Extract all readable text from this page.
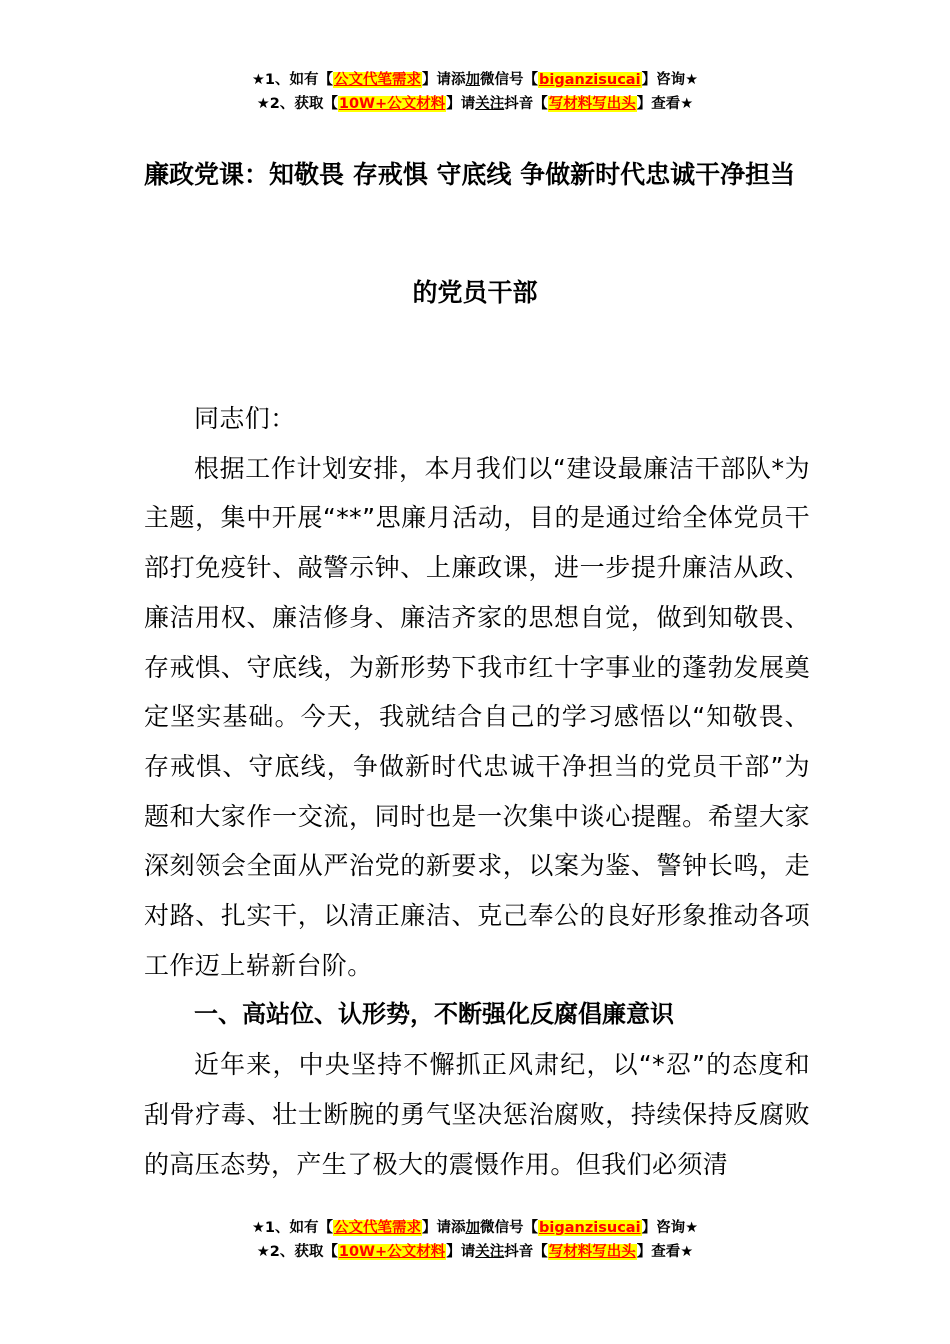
★1、如有【公文代笔需求】请添加微信号【biganzisucai】咨询★
★2、获取【10W+公文材料】请关注抖音【写材料写出头】查看★
廉政党课：知敬畏 存戒惧 守底线 争做新时代忠诚干净担当
的党员干部

同志们：

根据工作计划安排，本月我们以“建设最廉洁干部队*为主题，集中开展“**”思廉月活动，目的是通过给全体党员干部打免疫针、敲警示钟、上廉政课，进一步提升廉洁从政、廉洁用权、廉洁修身、廉洁齐家的思想自觉，做到知敬畏、存戒惧、守底线，为新形势下我市红十字事业的蓬勃发展奠定坚实基础。今天，我就结合自己的学习感悟以“知敬畏、存戒惧、守底线，争做新时代忠诚干净担当的党员干部”为题和大家作一交流，同时也是一次集中谈心提醒。希望大家深刻领会全面从严治党的新要求，以案为鉴、警钟长鸣，走对路、扎实干，以清正廉洁、克己奉公的良好形象推动各项工作迈上崭新台阶。

一、高站位、认形势，不断强化反腐倡廉意识

近年来，中央坚持不懈抓正风肃纪，以“*忍”的态度和刮骨疗毒、壮士断腕的勇气坚决惩治腐败，持续保持反腐败的高压态势，产生了极大的震慑作用。但我们必须清

★1、如有【公文代笔需求】请添加微信号【biganzisucai】咨询★
★2、获取【10W+公文材料】请关注抖音【写材料写出头】查看★
